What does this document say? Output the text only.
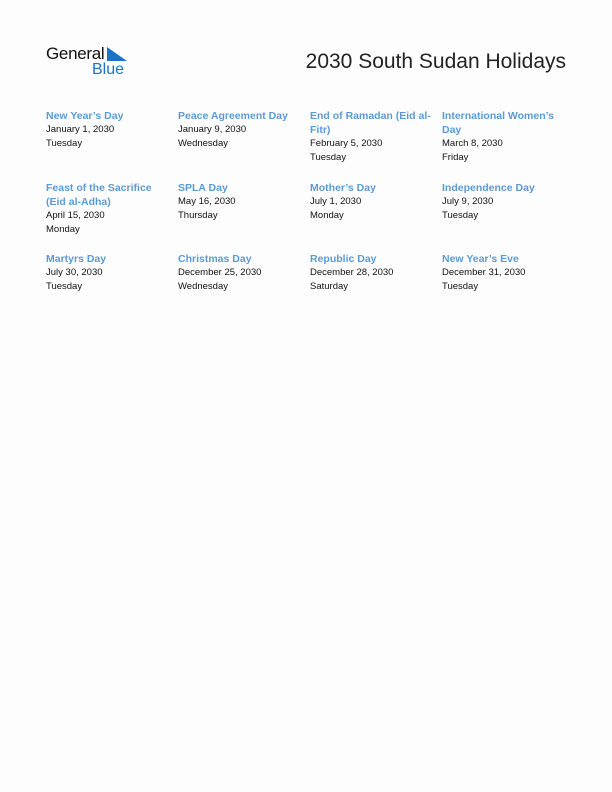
General
Blue	2030 South Sudan Holidays
New Year’s Day
January 1, 2030
Tuesday
Peace Agreement Day
January 9, 2030
Wednesday
End of Ramadan (Eid al-Fitr)
February 5, 2030
Tuesday
International Women’s Day
March 8, 2030
Friday
Feast of the Sacrifice (Eid al-Adha)
April 15, 2030
Monday
SPLA Day
May 16, 2030
Thursday
Mother’s Day
July 1, 2030
Monday
Independence Day
July 9, 2030
Tuesday
Martyrs Day
July 30, 2030
Tuesday
Christmas Day
December 25, 2030
Wednesday
Republic Day
December 28, 2030
Saturday
New Year’s Eve
December 31, 2030
Tuesday
